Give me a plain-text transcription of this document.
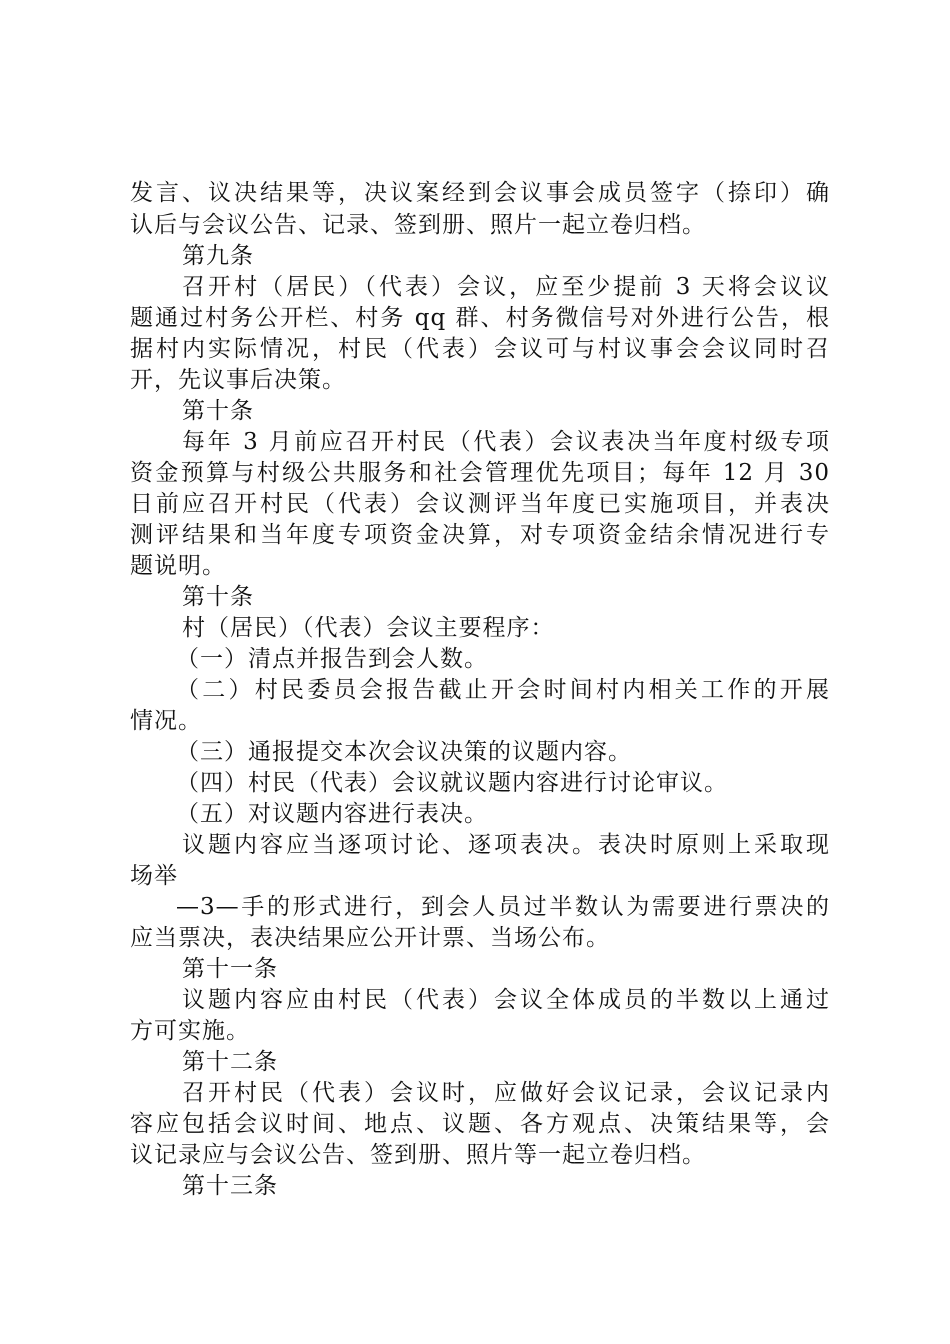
发言、议决结果等，决议案经到会议事会成员签字（捺印）确
认后与会议公告、记录、签到册、照片一起立卷归档。
第九条
召开村（居民）（代表）会议，应至少提前 3 天将会议议
题通过村务公开栏、村务 qq 群、村务微信号对外进行公告，根
据村内实际情况，村民（代表）会议可与村议事会会议同时召
开，先议事后决策。
第十条
每年 3 月前应召开村民（代表）会议表决当年度村级专项
资金预算与村级公共服务和社会管理优先项目；每年 12 月 30
日前应召开村民（代表）会议测评当年度已实施项目，并表决
测评结果和当年度专项资金决算，对专项资金结余情况进行专
题说明。
第十条
村（居民）（代表）会议主要程序：
（一）清点并报告到会人数。
（二）村民委员会报告截止开会时间村内相关工作的开展
情况。
（三）通报提交本次会议决策的议题内容。
（四）村民（代表）会议就议题内容进行讨论审议。
（五）对议题内容进行表决。
议题内容应当逐项讨论、逐项表决。表决时原则上采取现
场举
—3—手的形式进行，到会人员过半数认为需要进行票决的
应当票决，表决结果应公开计票、当场公布。
第十一条
议题内容应由村民（代表）会议全体成员的半数以上通过
方可实施。
第十二条
召开村民（代表）会议时，应做好会议记录，会议记录内
容应包括会议时间、地点、议题、各方观点、决策结果等，会
议记录应与会议公告、签到册、照片等一起立卷归档。
第十三条
